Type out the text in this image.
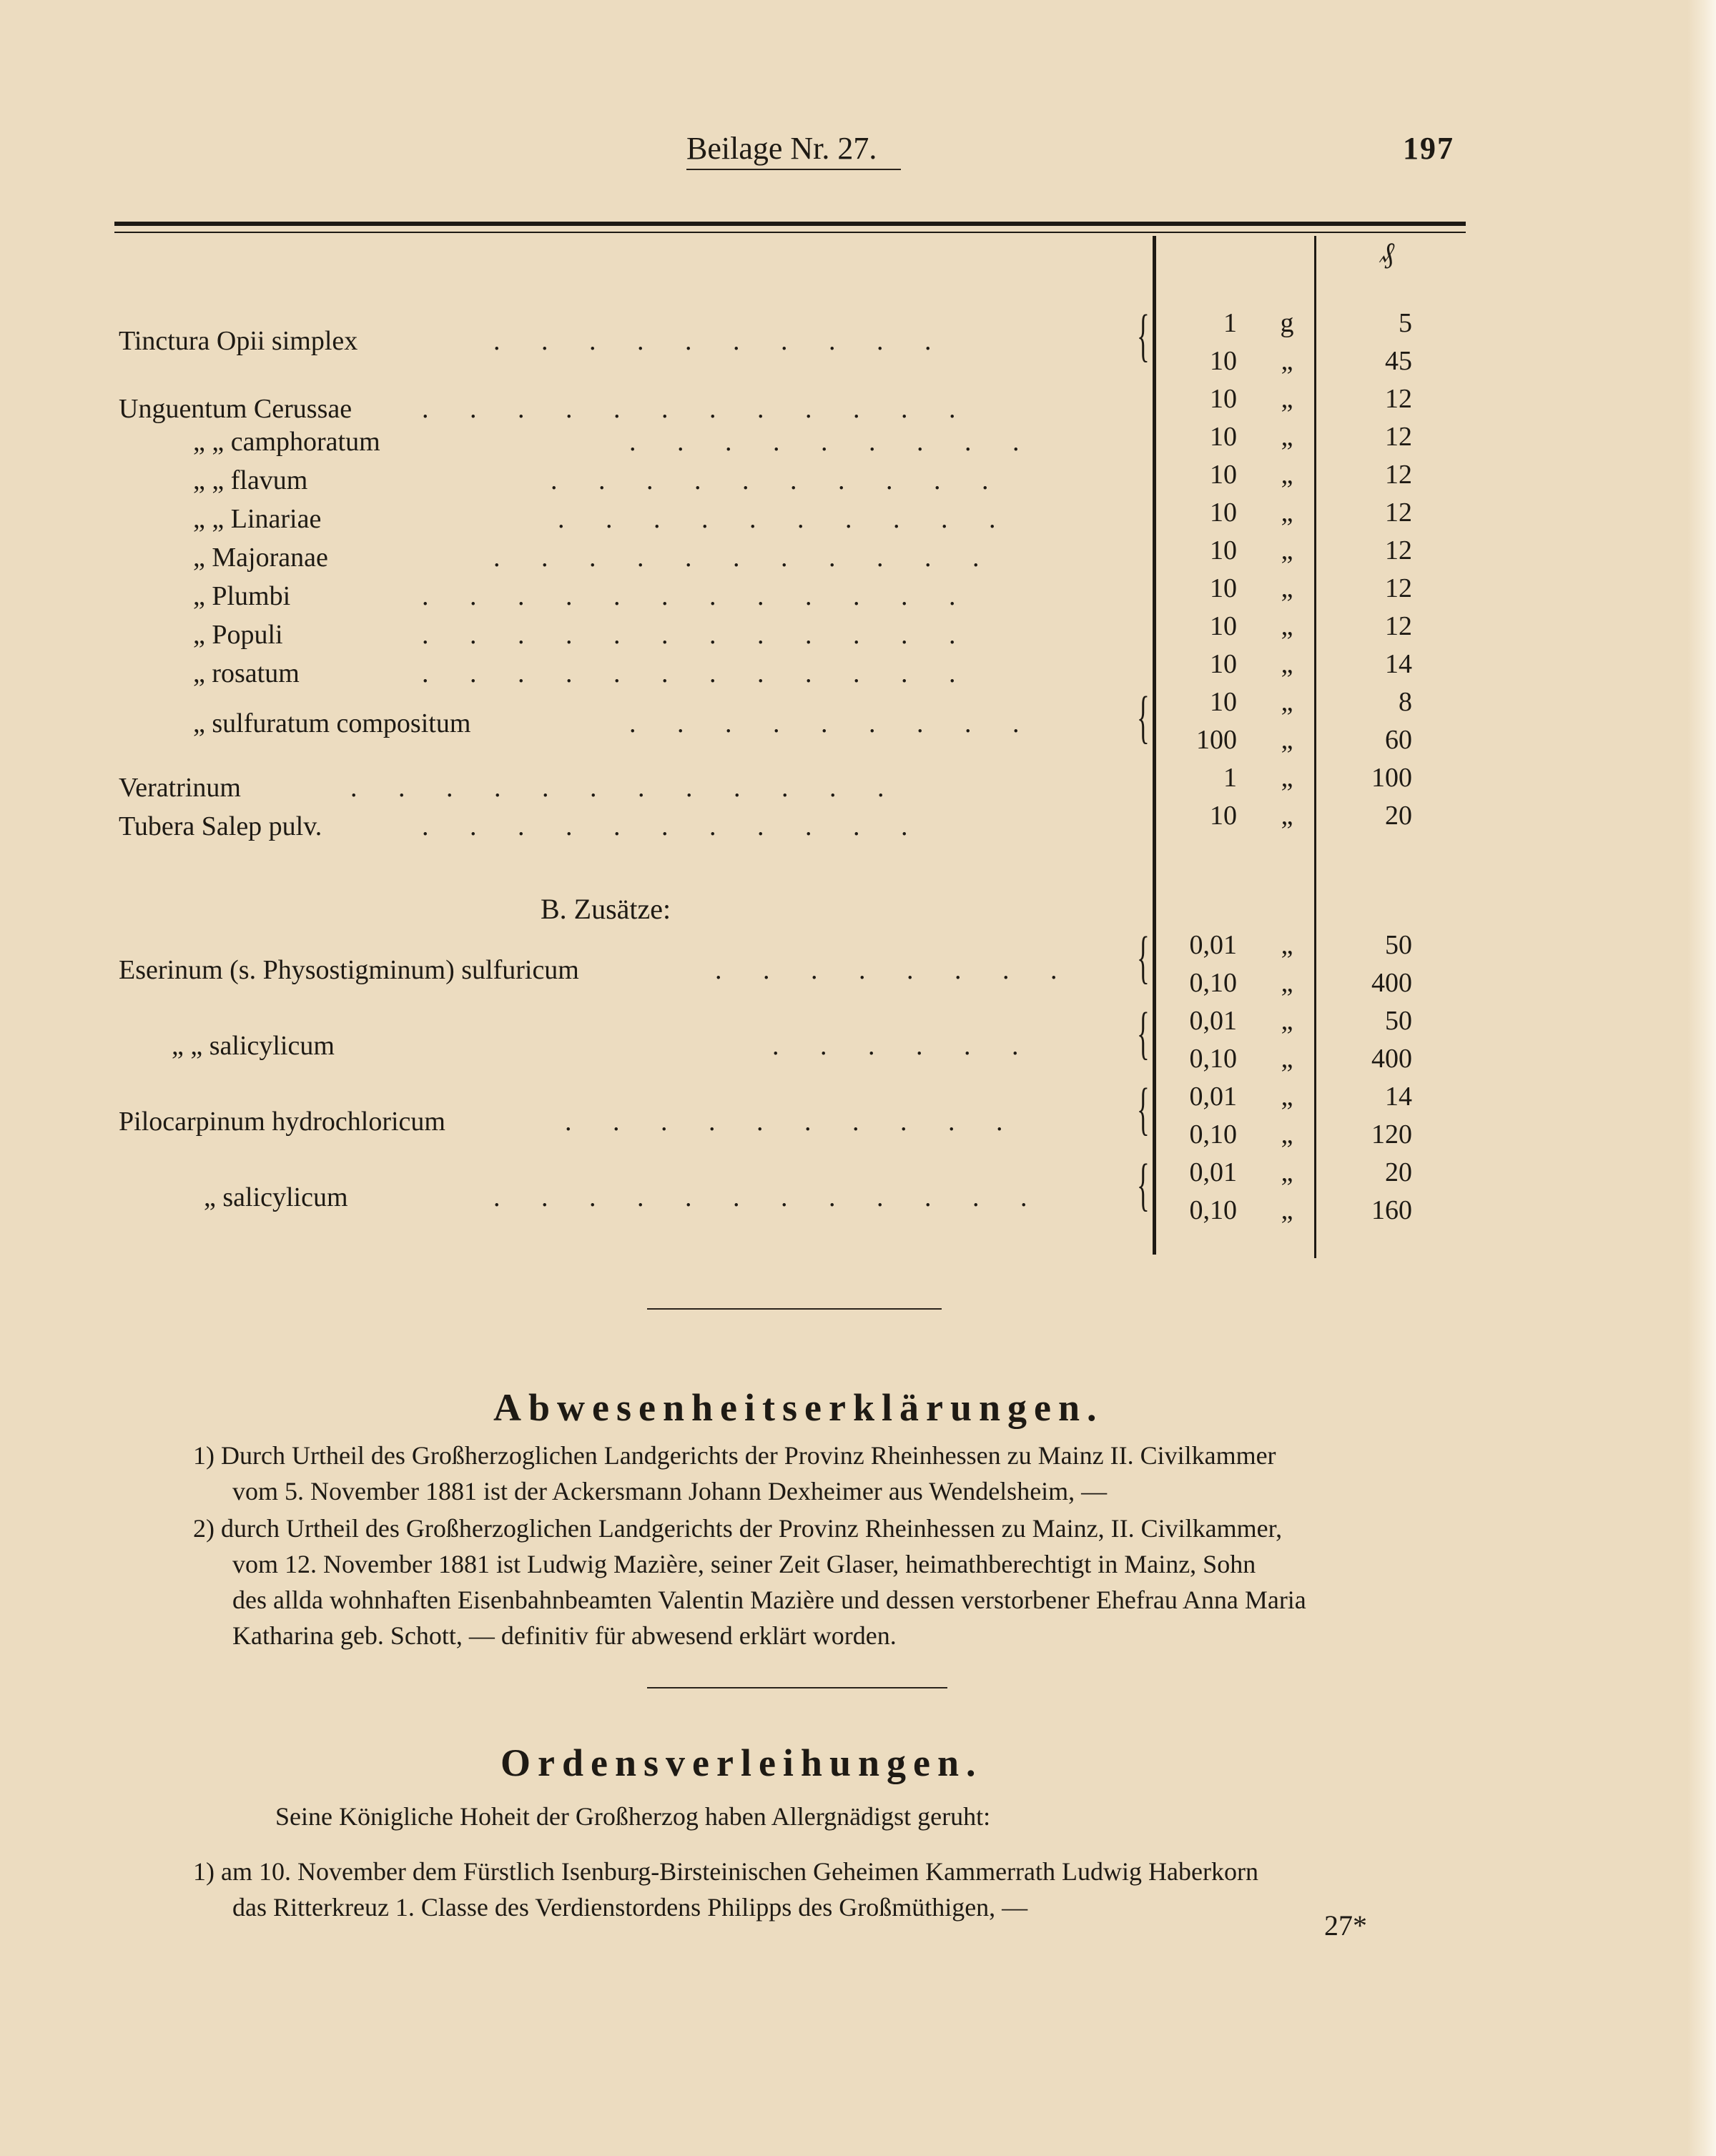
Beilage Nr. 27.	197
₰
Tinctura Opii simplex	. . . . . . . . . .	{	1	g	5
10	„	45
Unguentum Cerussae	. . . . . . . . . . . .	10	„	12
„ „ camphoratum	. . . . . . . . .	10	„	12
„ „ flavum	. . . . . . . . . .	10	„	12
„ „ Linariae	. . . . . . . . . .	10	„	12
„ Majoranae	. . . . . . . . . . .	10	„	12
„ Plumbi	. . . . . . . . . . . .	10	„	12
„ Populi	. . . . . . . . . . . .	10	„	12
„ rosatum	. . . . . . . . . . . .	10	„	14
„ sulfuratum compositum	. . . . . . . . . {	10	„	8
100	„	60
Veratrinum	. . . . . . . . . . . .	1	„	100
Tubera Salep pulv.	. . . . . . . . . . .	10	„	20
B. Zusätze:
Eserinum (s. Physostigminum) sulfuricum	. . . . . . . . {	0,01	„	50
0,10	„	400
„ „ salicylicum	. . . . . . {	0,01	„	50
0,10	„	400
Pilocarpinum hydrochloricum	. . . . . . . . . . {	0,01	„	14
0,10	„	120
„ salicylicum	. . . . . . . . . . . . {	0,01	„	20
0,10	„	160
Abwesenheitserklärungen.
1) Durch Urtheil des Großherzoglichen Landgerichts der Provinz Rheinhessen zu Mainz II. Civilkammer
vom 5. November 1881 ist der Ackersmann Johann Dexheimer aus Wendelsheim, —
2) durch Urtheil des Großherzoglichen Landgerichts der Provinz Rheinhessen zu Mainz, II. Civilkammer,
vom 12. November 1881 ist Ludwig Mazière, seiner Zeit Glaser, heimathberechtigt in Mainz, Sohn
des allda wohnhaften Eisenbahnbeamten Valentin Mazière und dessen verstorbener Ehefrau Anna Maria
Katharina geb. Schott, — definitiv für abwesend erklärt worden.
Ordensverleihungen.
Seine Königliche Hoheit der Großherzog haben Allergnädigst geruht:
1) am 10. November dem Fürstlich Isenburg-Birsteinischen Geheimen Kammerrath Ludwig Haberkorn
das Ritterkreuz 1. Classe des Verdienstordens Philipps des Großmüthigen, —
27*
